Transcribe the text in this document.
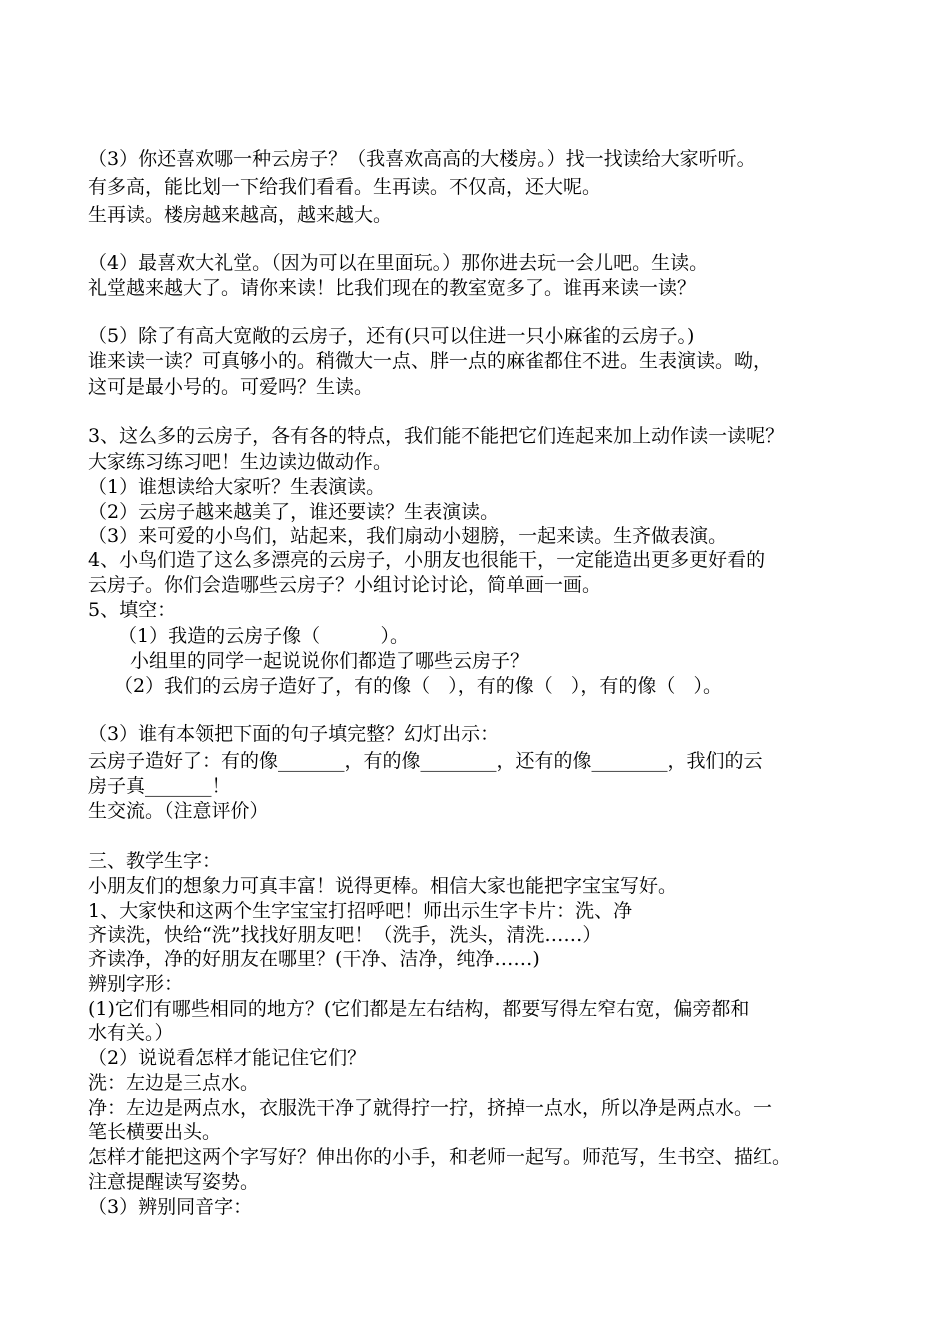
（3）你还喜欢哪一种云房子？（我喜欢高高的大楼房。）找一找读给大家听听。
有多高，能比划一下给我们看看。生再读。不仅高，还大呢。
生再读。楼房越来越高，越来越大。
（4）最喜欢大礼堂。（因为可以在里面玩。）那你进去玩一会儿吧。生读。
礼堂越来越大了。请你来读！比我们现在的教室宽多了。谁再来读一读？
（5）除了有高大宽敞的云房子，还有(只可以住进一只小麻雀的云房子。)
谁来读一读？可真够小的。稍微大一点、胖一点的麻雀都住不进。生表演读。呦，
这可是最小号的。可爱吗？生读。
3、这么多的云房子，各有各的特点，我们能不能把它们连起来加上动作读一读呢？
大家练习练习吧！生边读边做动作。
（1）谁想读给大家听？生表演读。
（2）云房子越来越美了，谁还要读？生表演读。
（3）来可爱的小鸟们，站起来，我们扇动小翅膀，一起来读。生齐做表演。
4、小鸟们造了这么多漂亮的云房子，小朋友也很能干，一定能造出更多更好看的
云房子。你们会造哪些云房子？小组讨论讨论，简单画一画。
5、填空：
（1）我造的云房子像（          ）。
小组里的同学一起说说你们都造了哪些云房子？
（2）我们的云房子造好了，有的像（   ），有的像（   ），有的像（   ）。
（3）谁有本领把下面的句子填完整？幻灯出示：
云房子造好了：有的像_______，有的像________，还有的像________，我们的云
房子真_______！
生交流。（注意评价）
三、教学生字：
小朋友们的想象力可真丰富！说得更棒。相信大家也能把字宝宝写好。
1、大家快和这两个生字宝宝打招呼吧！师出示生字卡片：洗、净
齐读洗，快给“洗”找找好朋友吧！（洗手，洗头，清洗……）
齐读净，净的好朋友在哪里？(干净、洁净，纯净……)
辨别字形：
(1)它们有哪些相同的地方？(它们都是左右结构，都要写得左窄右宽，偏旁都和
水有关。）
（2）说说看怎样才能记住它们？
洗：左边是三点水。
净：左边是两点水，衣服洗干净了就得拧一拧，挤掉一点水，所以净是两点水。一
笔长横要出头。
怎样才能把这两个字写好？伸出你的小手，和老师一起写。师范写，生书空、描红。
注意提醒读写姿势。
（3）辨别同音字：
